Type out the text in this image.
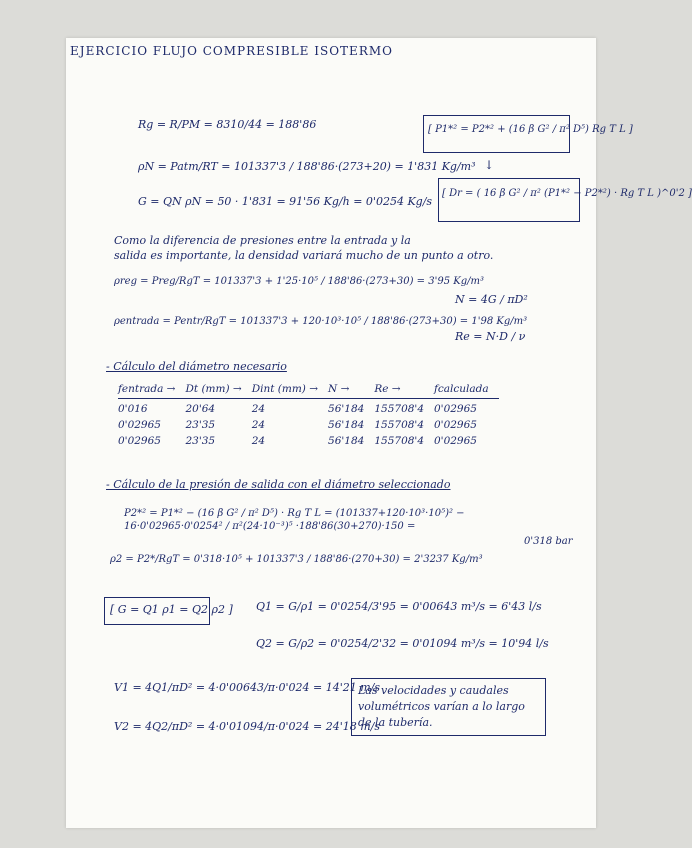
EJERCICIO FLUJO COMPRESIBLE ISOTERMO
Rg = R/PM = 8310/44 = 188'86
ρN = Patm/RT = 101337'3 / 188'86·(273+20) = 1'831 Kg/m³
G = QN ρN = 50 · 1'831 = 91'56 Kg/h = 0'0254 Kg/s
[ P1*² = P2*² + (16 β G² / π² D⁵) Rg T L ]
↓
[ Dr = ( 16 β G² / π² (P1*² − P2*²) · Rg T L )^0'2 ]
Como la diferencia de presiones entre la entrada y la
salida es importante, la densidad variará mucho de un punto a otro.
ρreg = Preg/RgT = 101337'3 + 1'25·10⁵ / 188'86·(273+30) = 3'95 Kg/m³
ρentrada = Pentr/RgT = 101337'3 + 120·10³·10⁵ / 188'86·(273+30) = 1'98 Kg/m³
N = 4G / πD²
Re = N·D / ν
- Cálculo del diámetro necesario
fentrada →	Dt (mm) →	Dint (mm) →	N →	Re →	fcalculada
0'016	20'64	24	56'184	155708'4	0'02965
0'02965	23'35	24	56'184	155708'4	0'02965
0'02965	23'35	24	56'184	155708'4	0'02965
- Cálculo de la presión de salida con el diámetro seleccionado
P2*² = P1*² − (16 β G² / π² D⁵) · Rg T L = (101337+120·10³·10⁵)² − 16·0'02965·0'0254² / π²(24·10⁻³)⁵ ·188'86(30+270)·150 =
0'318 bar
ρ2 = P2*/RgT = 0'318·10⁵ + 101337'3 / 188'86·(270+30) = 2'3237 Kg/m³
[ G = Q1 ρ1 = Q2 ρ2 ] Q1 = G/ρ1 = 0'0254/3'95 = 0'00643 m³/s = 6'43 l/s
Q2 = G/ρ2 = 0'0254/2'32 = 0'01094 m³/s = 10'94 l/s
V1 = 4Q1/πD² = 4·0'00643/π·0'024 = 14'21 m/s
V2 = 4Q2/πD² = 4·0'01094/π·0'024 = 24'18 m/s
Las velocidades y caudales
volumétricos varían a lo largo
de la tubería.
